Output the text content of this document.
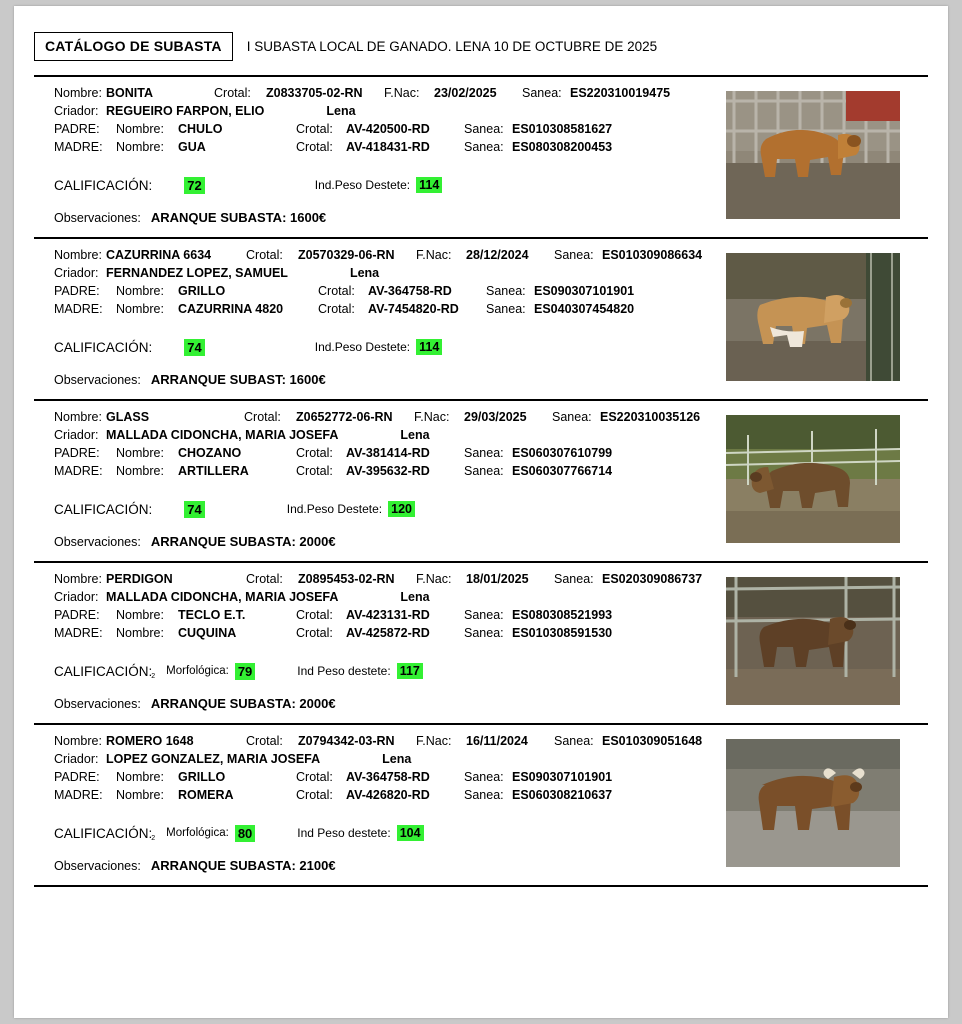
CATÁLOGO DE SUBASTA	I SUBASTA LOCAL DE GANADO. LENA 10 DE OCTUBRE DE 2025
Nombre: BONITA	Crotal:	Z0833705-02-RN	F.Nac:	23/02/2025	Sanea: ES220310019475
Criador: REGUEIRO FARPON, ELIO	Lena
PADRE:	Nombre:	CHULO	Crotal:	AV-420500-RD	Sanea: ES010308581627
MADRE:	Nombre:	GUA	Crotal:	AV-418431-RD	Sanea: ES080308200453
CALIFICACIÓN:	72	Ind.Peso Destete: 114
Observaciones: ARANQUE SUBASTA: 1600€
Nombre: CAZURRINA 6634	Crotal:	Z0570329-06-RN	F.Nac:	28/12/2024	Sanea: ES010309086634
Criador: FERNANDEZ LOPEZ, SAMUEL	Lena
PADRE:	Nombre:	GRILLO	Crotal:	AV-364758-RD	Sanea: ES090307101901
MADRE:	Nombre:	CAZURRINA 4820	Crotal:	AV-7454820-RD	Sanea: ES040307454820
CALIFICACIÓN:	74	Ind.Peso Destete: 114
Observaciones: ARRANQUE SUBAST: 1600€
Nombre: GLASS	Crotal:	Z0652772-06-RN	F.Nac:	29/03/2025	Sanea: ES220310035126
Criador: MALLADA CIDONCHA, MARIA JOSEFA	Lena
PADRE:	Nombre:	CHOZANO	Crotal:	AV-381414-RD	Sanea: ES060307610799
MADRE:	Nombre:	ARTILLERA	Crotal:	AV-395632-RD	Sanea: ES060307766714
CALIFICACIÓN:	74	Ind.Peso Destete: 120
Observaciones: ARRANQUE SUBASTA: 2000€
Nombre: PERDIGON	Crotal:	Z0895453-02-RN	F.Nac:	18/01/2025	Sanea: ES020309086737
Criador: MALLADA CIDONCHA, MARIA JOSEFA	Lena
PADRE:	Nombre:	TECLO E.T.	Crotal:	AV-423131-RD	Sanea: ES080308521993
MADRE:	Nombre:	CUQUINA	Crotal:	AV-425872-RD	Sanea: ES010308591530
CALIFICACIÓN: 2 Morfológica: 79	Ind Peso destete: 117
Observaciones: ARRANQUE SUBASTA: 2000€
Nombre: ROMERO 1648	Crotal:	Z0794342-03-RN	F.Nac:	16/11/2024	Sanea: ES010309051648
Criador: LOPEZ GONZALEZ, MARIA JOSEFA	Lena
PADRE:	Nombre:	GRILLO	Crotal:	AV-364758-RD	Sanea: ES090307101901
MADRE:	Nombre:	ROMERA	Crotal:	AV-426820-RD	Sanea: ES060308210637
CALIFICACIÓN: 2 Morfológica: 80	Ind Peso destete: 104
Observaciones: ARRANQUE SUBASTA: 2100€
